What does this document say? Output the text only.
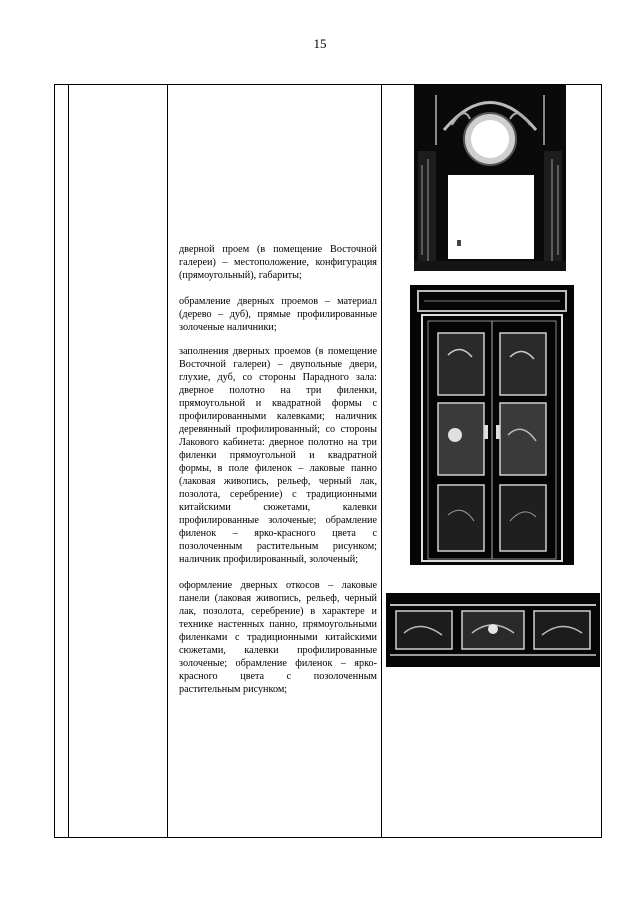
15
дверной проем (в помещение Восточной галереи) – местоположение, конфигурация (прямоугольный), габариты;
обрамление дверных проемов – материал (дерево – дуб), прямые профилированные золоченые наличники;
заполнения дверных проемов (в помещение Восточной галереи) – двупольные двери, глухие, дуб, со стороны Парадного зала: дверное полотно на три филенки, прямоугольной и квадратной формы с профилированными калевками; наличник деревянный профилированный; со стороны Лакового кабинета: дверное полотно на три филенки прямоугольной и квадратной формы, в поле филенок – лаковые панно (лаковая живопись, рельеф, черный лак, позолота, серебрение) с традиционными китайскими сюжетами, калевки профилированные золоченые; обрамление филенок – ярко-красного цвета с позолоченным растительным рисунком; наличник профилированный, золоченый;
оформление дверных откосов – лаковые панели (лаковая живопись, рельеф, черный лак, позолота, серебрение) в характере и технике настенных панно, прямоугольными филенками с традиционными китайскими сюжетами, калевки профилированные золоченые; обрамление филенок – ярко-красного цвета с позолоченным растительным рисунком;
